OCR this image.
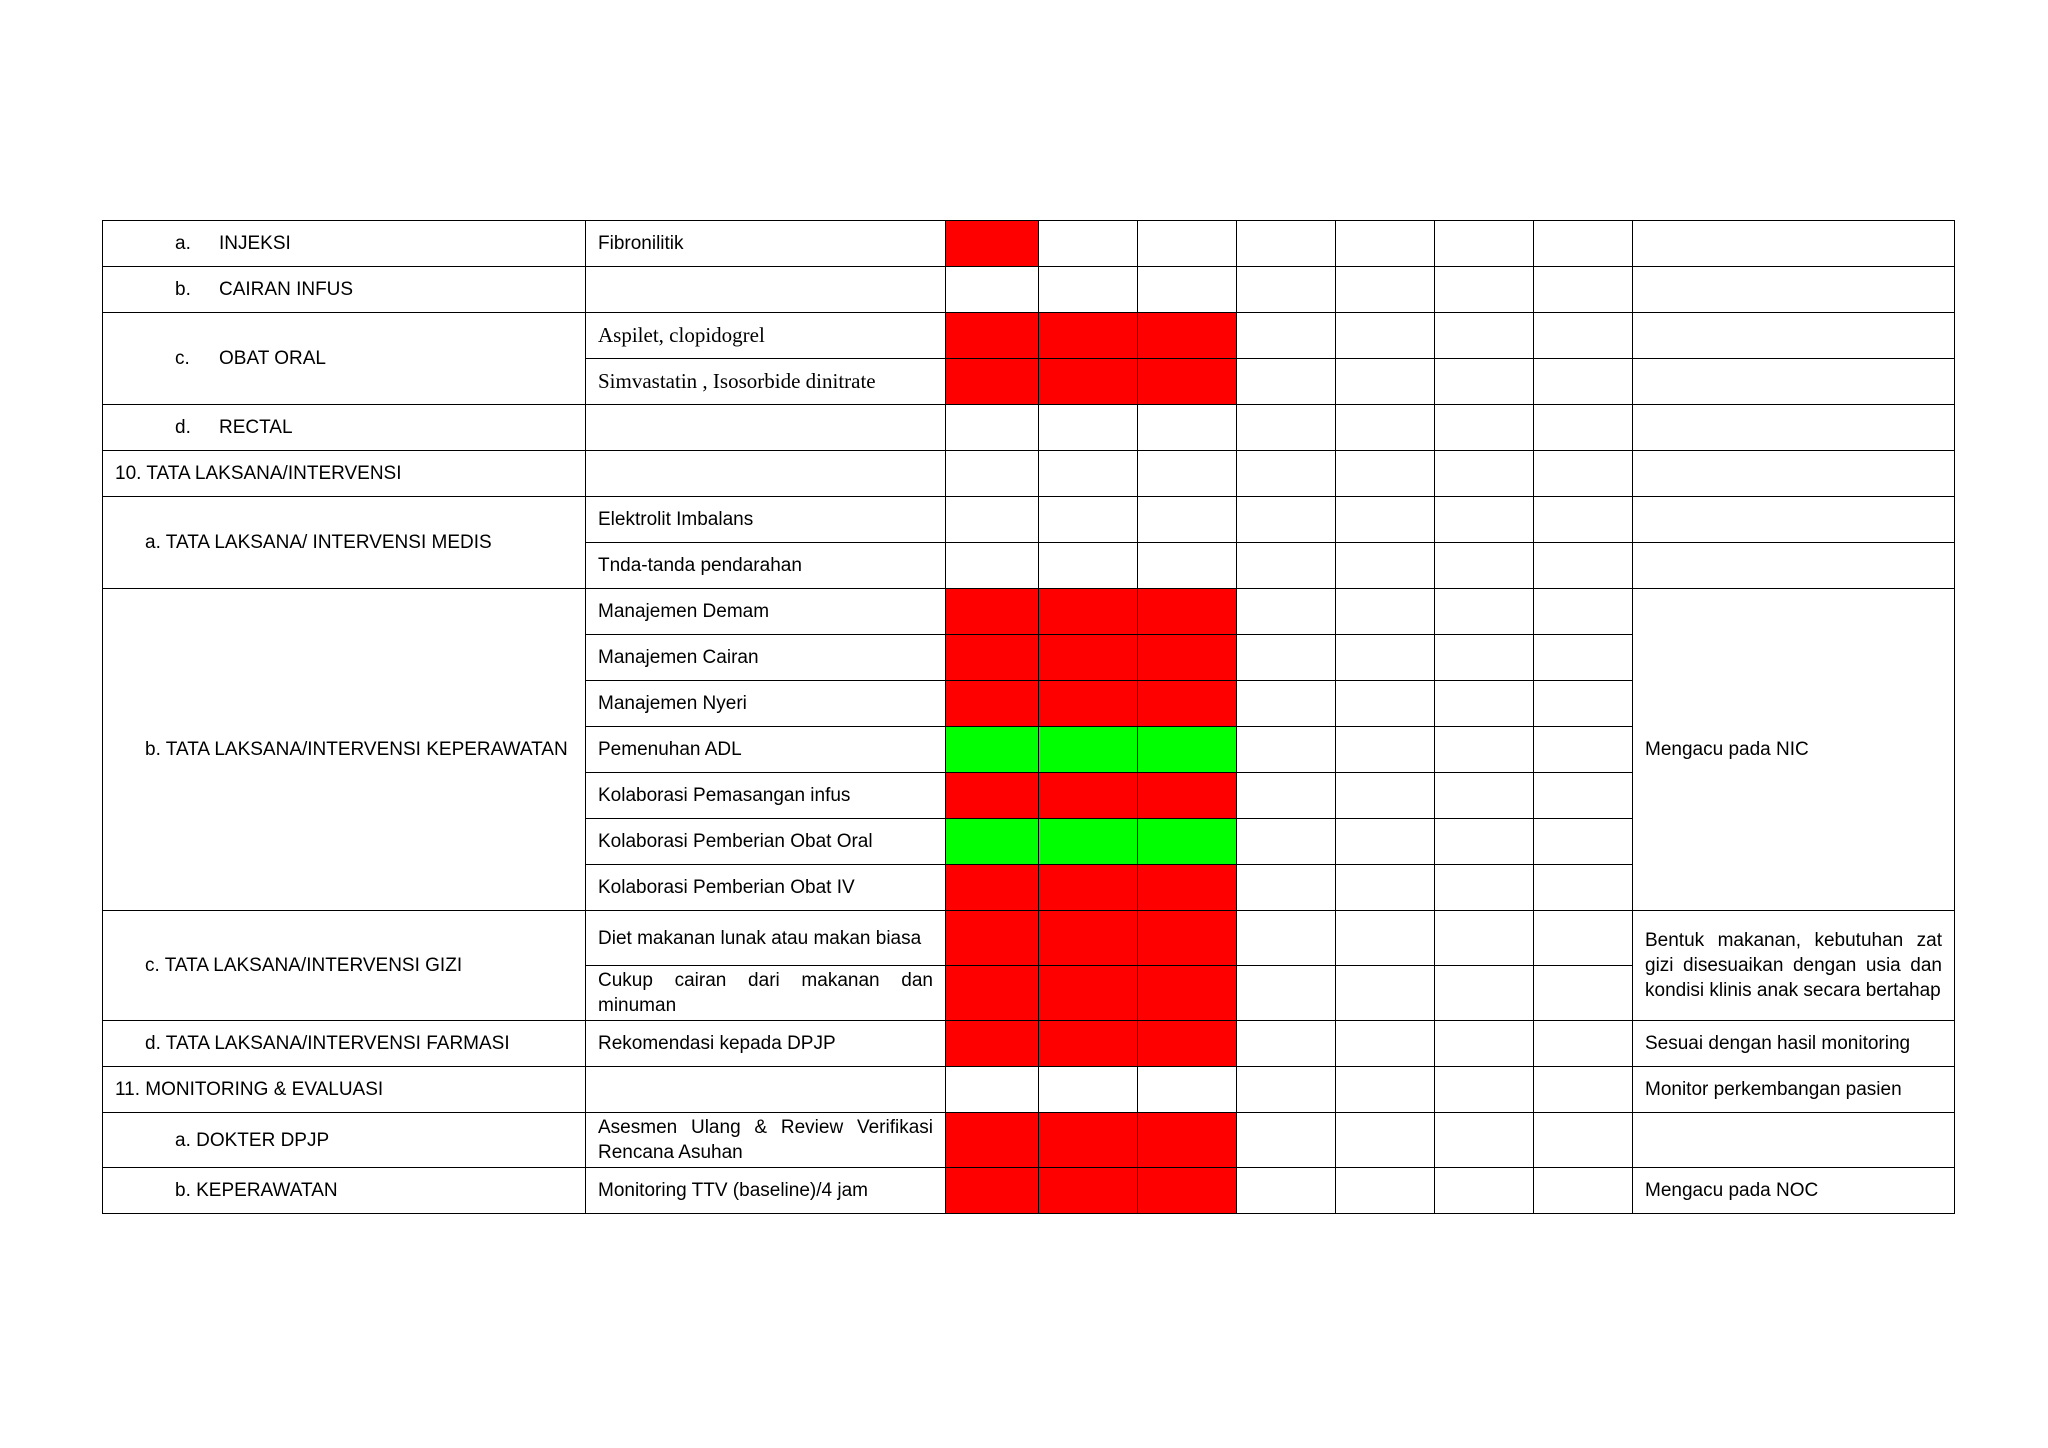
a. INJEKSI	Fibronilitik								
b. CAIRAN INFUS									
c. OBAT ORAL	Aspilet, clopidogrel								
	Simvastatin , Isosorbide dinitrate								
d. RECTAL									
10. TATA LAKSANA/INTERVENSI									
a. TATA LAKSANA/ INTERVENSI MEDIS	Elektrolit Imbalans								
	Tnda-tanda pendarahan								
b. TATA LAKSANA/INTERVENSI KEPERAWATAN	Manajemen Demam								Mengacu pada NIC
	Manajemen Cairan								
	Manajemen Nyeri								
	Pemenuhan ADL								
	Kolaborasi Pemasangan infus								
	Kolaborasi Pemberian Obat Oral								
	Kolaborasi Pemberian Obat IV								
c. TATA LAKSANA/INTERVENSI GIZI	Diet makanan lunak atau makan biasa								Bentuk makanan, kebutuhan zat gizi disesuaikan dengan usia dan kondisi klinis anak secara bertahap
	Cukup cairan dari makanan dan minuman								
d. TATA LAKSANA/INTERVENSI FARMASI	Rekomendasi kepada DPJP								Sesuai dengan hasil monitoring
11. MONITORING & EVALUASI									Monitor perkembangan pasien
a. DOKTER DPJP	Asesmen Ulang & Review Verifikasi Rencana Asuhan								
b. KEPERAWATAN	Monitoring TTV (baseline)/4 jam								Mengacu pada NOC
